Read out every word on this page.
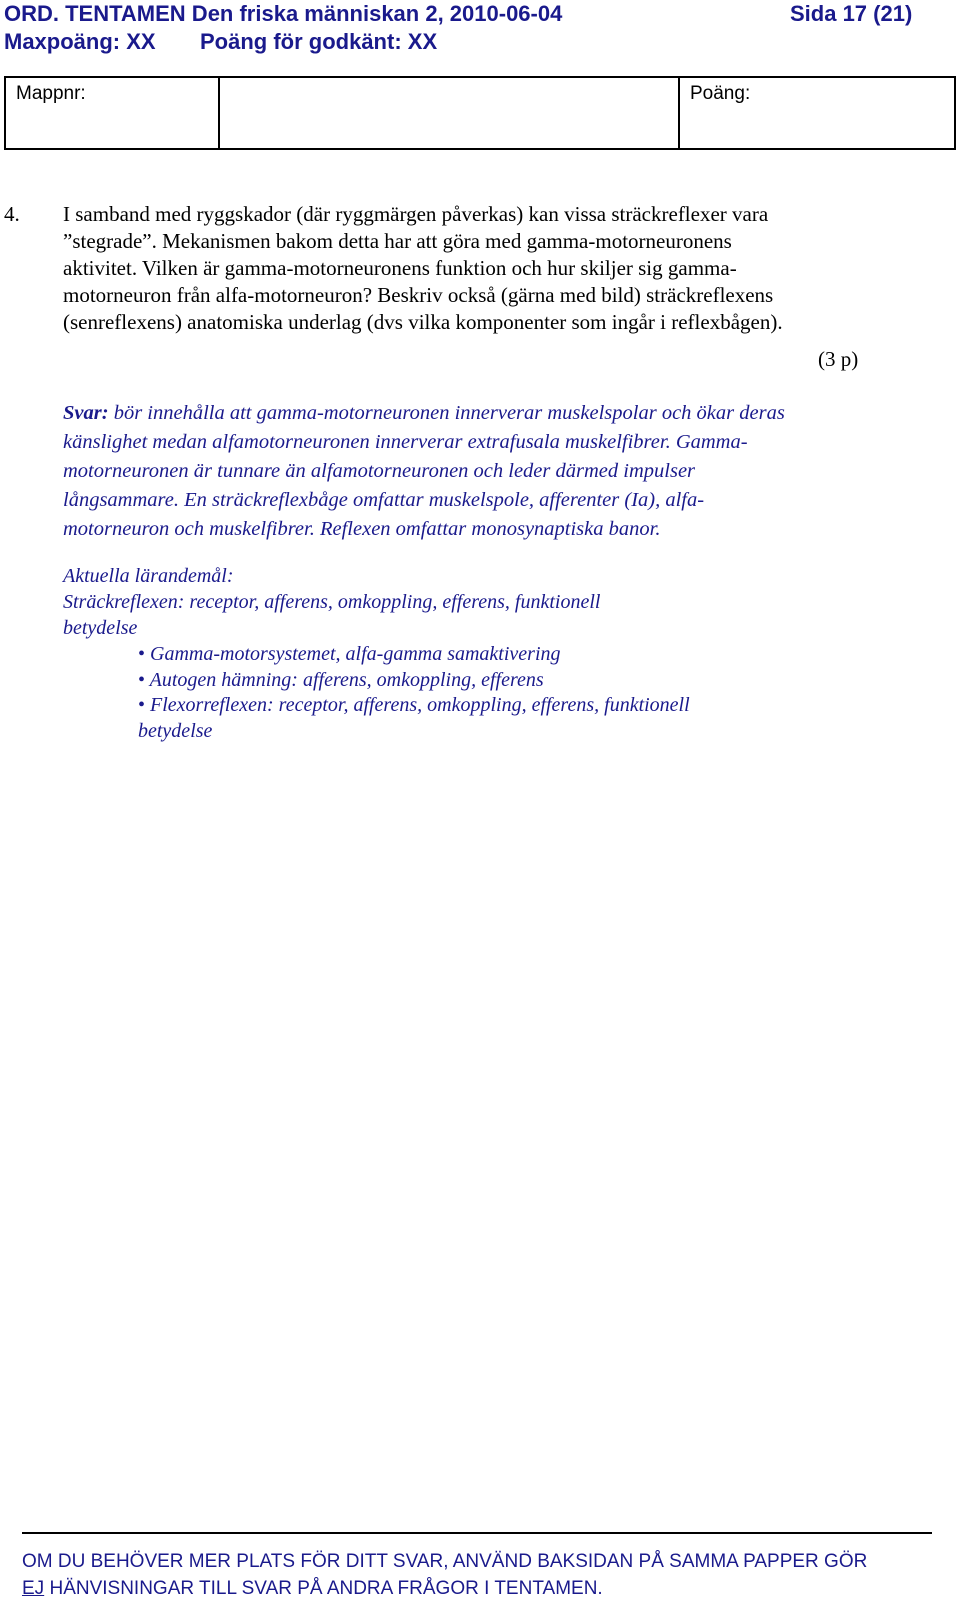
ORD. TENTAMEN Den friska människan 2, 2010-06-04	Sida 17 (21)
Maxpoäng: XX Poäng för godkänt: XX
Mappnr:	Poäng:
4. I samband med ryggskador (där ryggmärgen påverkas) kan vissa sträckreflexer vara
”stegrade”. Mekanismen bakom detta har att göra med gamma-motorneuronens
aktivitet. Vilken är gamma-motorneuronens funktion och hur skiljer sig gamma-
motorneuron från alfa-motorneuron? Beskriv också (gärna med bild) sträckreflexens
(senreflexens) anatomiska underlag (dvs vilka komponenter som ingår i reflexbågen).
(3 p)
Svar: bör innehålla att gamma-motorneuronen innerverar muskelspolar och ökar deras
känslighet medan alfamotorneuronen innerverar extrafusala muskelfibrer. Gamma-
motorneuronen är tunnare än alfamotorneuronen och leder därmed impulser
långsammare. En sträckreflexbåge omfattar muskelspole, afferenter (Ia), alfa-
motorneuron och muskelfibrer. Reflexen omfattar monosynaptiska banor.
Aktuella lärandemål:
Sträckreflexen: receptor, afferens, omkoppling, efferens, funktionell
betydelse
• Gamma-motorsystemet, alfa-gamma samaktivering
• Autogen hämning: afferens, omkoppling, efferens
• Flexorreflexen: receptor, afferens, omkoppling, efferens, funktionell
betydelse
OM DU BEHÖVER MER PLATS FÖR DITT SVAR, ANVÄND BAKSIDAN PÅ SAMMA PAPPER GÖR
EJ HÄNVISNINGAR TILL SVAR PÅ ANDRA FRÅGOR I TENTAMEN.
